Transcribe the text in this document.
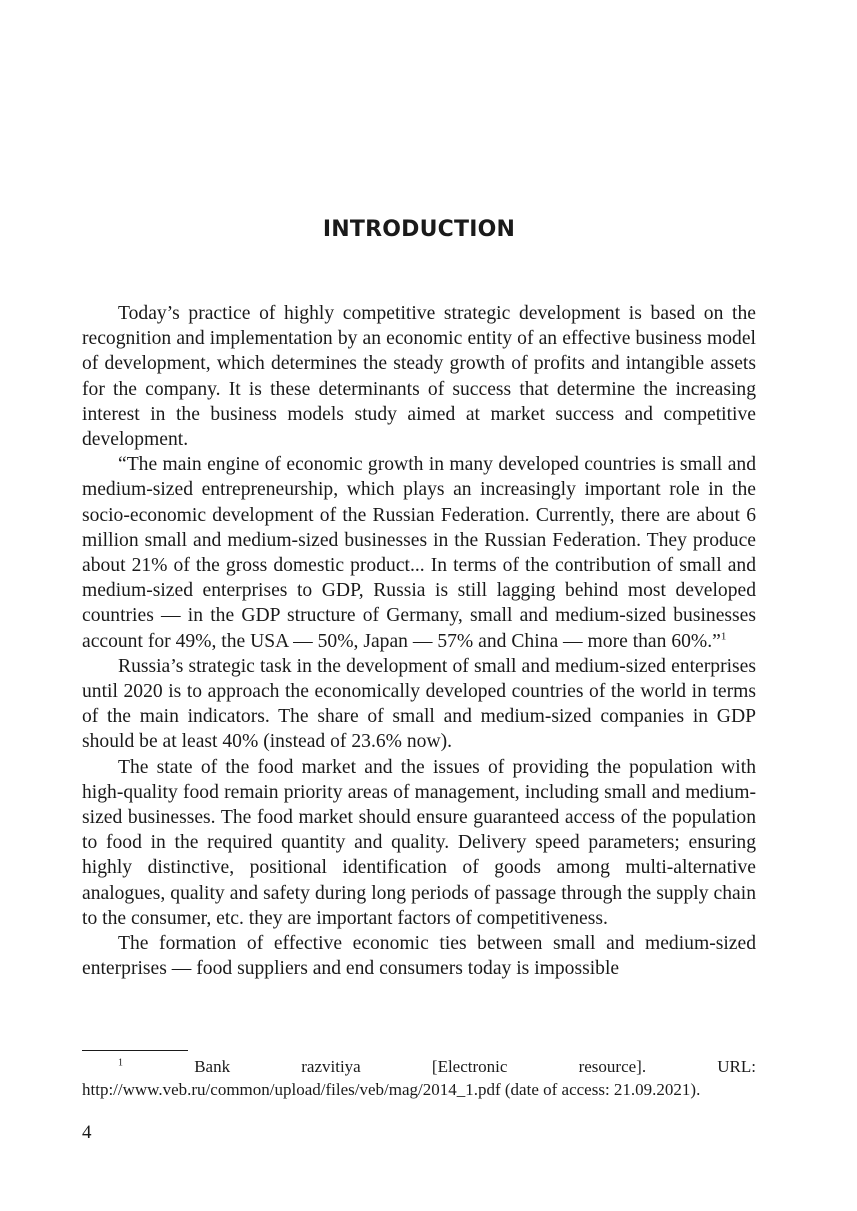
INTRODUCTION

Today’s practice of highly competitive strategic development is based on the recognition and implementation by an economic entity of an effective business model of development, which determines the steady growth of profits and intangible assets for the company. It is these determinants of success that determine the increasing interest in the business models study aimed at market success and competitive development.

“The main engine of economic growth in many developed countries is small and medium-sized entrepreneurship, which plays an increasingly important role in the socio-economic development of the Russian Federation. Currently, there are about 6 million small and medium-sized businesses in the Russian Federation. They produce about 21% of the gross domestic product... In terms of the contribution of small and medium-sized enterprises to GDP, Russia is still lagging behind most developed countries — in the GDP structure of Germany, small and medium-sized businesses account for 49%, the USA — 50%, Japan — 57% and China — more than 60%.”$^1$

Russia’s strategic task in the development of small and medium-sized enterprises until 2020 is to approach the economically developed countries of the world in terms of the main indicators. The share of small and medium-sized companies in GDP should be at least 40% (instead of 23.6% now).

The state of the food market and the issues of providing the population with high-quality food remain priority areas of management, including small and medium-sized businesses. The food market should ensure guaranteed access of the population to food in the required quantity and quality. Delivery speed parameters; ensuring highly distinctive, positional identification of goods among multi-alternative analogues, quality and safety during long periods of passage through the supply chain to the consumer, etc. they are important factors of competitiveness.

The formation of effective economic ties between small and medium-sized enterprises — food suppliers and end consumers today is impossible

$^1$	Bank razvitiya [Electronic resource]. URL: http://www.veb.ru/common/upload/files/veb/mag/2014_1.pdf (date of access: 21.09.2021).

4
